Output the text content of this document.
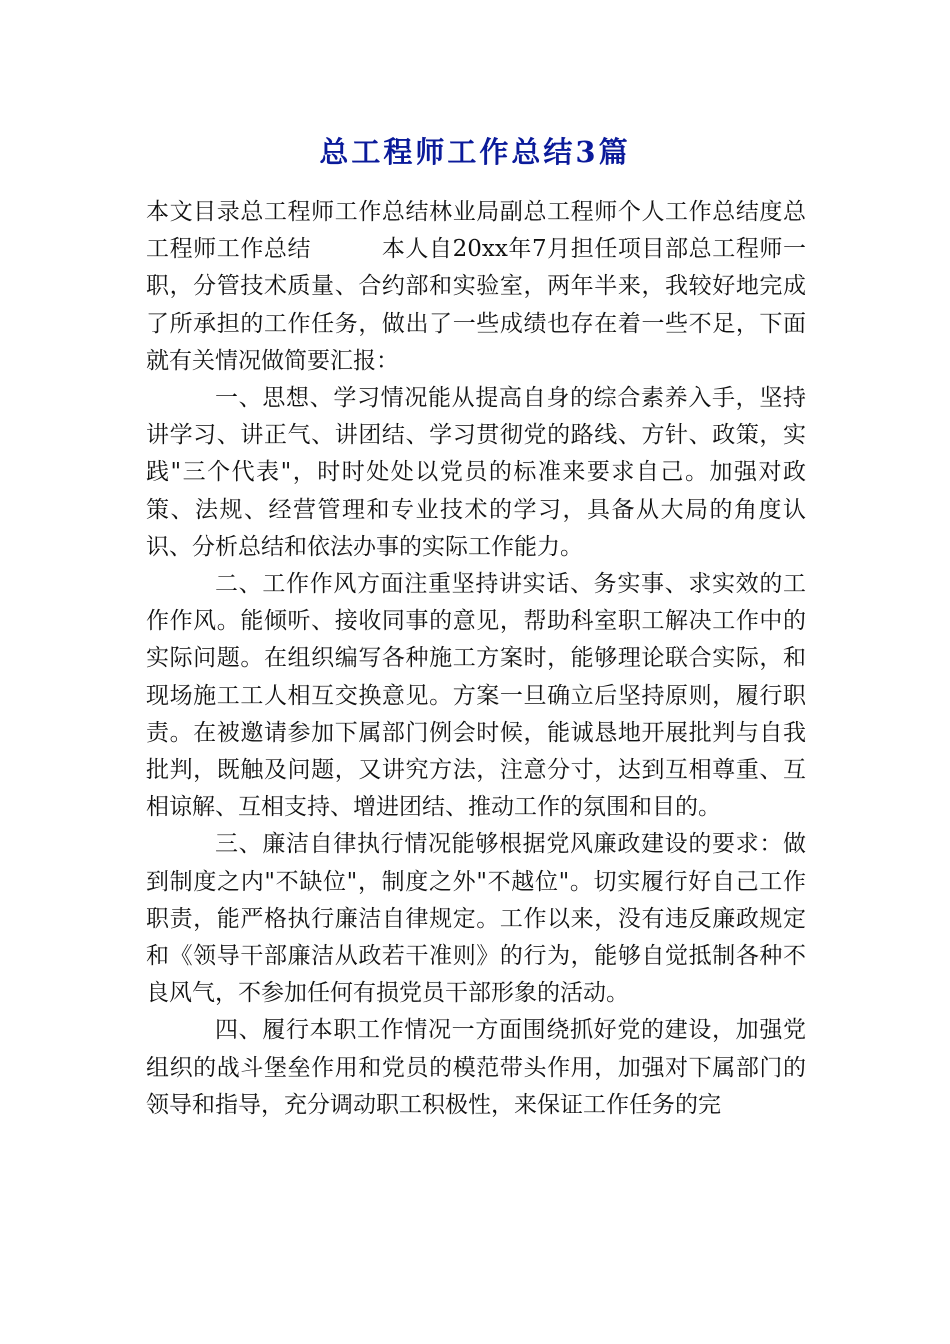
总工程师工作总结3篇

本文目录总工程师工作总结林业局副总工程师个人工作总结度总工程师工作总结　　　本人自20xx年7月担任项目部总工程师一职，分管技术质量、合约部和实验室，两年半来，我较好地完成了所承担的工作任务，做出了一些成绩也存在着一些不足，下面就有关情况做简要汇报：

一、思想、学习情况能从提高自身的综合素养入手，坚持讲学习、讲正气、讲团结、学习贯彻党的路线、方针、政策，实践"三个代表"，时时处处以党员的标准来要求自己。加强对政策、法规、经营管理和专业技术的学习，具备从大局的角度认识、分析总结和依法办事的实际工作能力。

二、工作作风方面注重坚持讲实话、务实事、求实效的工作作风。能倾听、接收同事的意见，帮助科室职工解决工作中的实际问题。在组织编写各种施工方案时，能够理论联合实际，和现场施工工人相互交换意见。方案一旦确立后坚持原则，履行职责。在被邀请参加下属部门例会时候，能诚恳地开展批判与自我批判，既触及问题，又讲究方法，注意分寸，达到互相尊重、互相谅解、互相支持、增进团结、推动工作的氛围和目的。

三、廉洁自律执行情况能够根据党风廉政建设的要求：做到制度之内"不缺位"，制度之外"不越位"。切实履行好自己工作职责，能严格执行廉洁自律规定。工作以来，没有违反廉政规定和《领导干部廉洁从政若干准则》的行为，能够自觉抵制各种不良风气，不参加任何有损党员干部形象的活动。

四、履行本职工作情况一方面围绕抓好党的建设，加强党组织的战斗堡垒作用和党员的模范带头作用，加强对下属部门的领导和指导，充分调动职工积极性，来保证工作任务的完
